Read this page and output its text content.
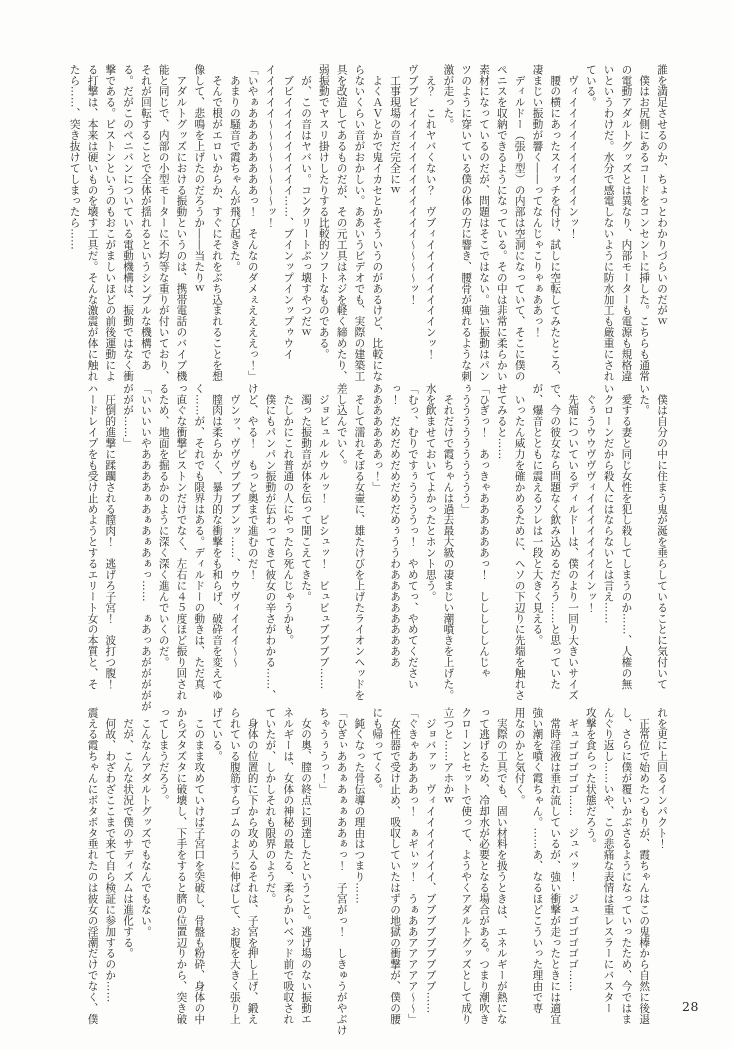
誰を満足させるのか、ちょっとわかりづらいのだがｗ

　僕はお尻側にあるコードをコンセントに挿した。こちらも通常

の電動アダルトグッズとは異なり、内部モーターも電源も規格違

いというわけだ。水分で感電しないように防水加工も厳重にされ

ている。

　ヴィイイイイイイイイイインッ！

　腰の横にあったスイッチを付け、試しに空転してみたところ、

凄まじい振動が響く――ってなんじゃこりゃぁああっ！

　ディルドー（張り型）の内部は空洞になっていて、そこに僕の

ペニスを収納できるようになっている。その中は非常に柔らかい

素材になっているのだが、問題はそこではない。強い振動はパン

ツのように穿いている僕の体の方に響き、腰骨が痺れるような刺

激が走った。

　え？　これヤバくない？　ヴブィイイイイイイイインッ！

ヴブブビイイイイイイイイイイイイ～～～～ッ！

　工事現場の音だ完全にｗ

　よくＡＶとかで鬼イカセとかそういうのがあるけど、比較にな

らないくらい音がおかしい。ああいうビデオでも、実際の建築工

具を改造してあるものだが、その元工具はネジを軽く締めたり、

弱振動でヤスリ掛けしたりする比較的ソフトなものである。

　が、この音はヤバい。コンクリートぶっ壊すやつだｗ

　ブビイイイイイイイイイ……、ブインップインップゥウイ

イイイイイ～～～～～～～～ッ！

「いやぁああああああああっ！　そんなのダメぇええええっ！」

　あまりの騒音で霞ちゃんが飛び起きた。

　そんで根がエロいからか、すぐにそれをぶち込まれることを想

像して、悲鳴を上げたのだろうか――当たりｗ

　アダルトグッズにおける振動というのは、携帯電話のバイブ機

能と同じで、内部の小型モーターに不均等な重りが付いており、

それが回転することで全体が揺れるというシンプルな機構であ

る。だがこのペニバンについている電動機構は、振動ではなく衝

撃である。ピストンというのもおこがましいほどの前後運動によ

る打撃は、本来は硬いものを壊す工具だ。そんな激震が体に触れ

たら……、突き抜けてしまったら……

　僕は自分の中に住まう鬼が涎を垂らしていることに気付いて

いた。

　愛する妻と同じ女性を犯し殺してしまうのか……、人権の無

いクローンだから殺人にはならないとは言え……

　ぐぅうウウヴヴヴィイイイイイイイインッ！

　先端についているディルドーは、僕のより一回り大きいサイズ

で、今の彼女なら問題なく飲み込めるだろう……と思っていた

が、爆音とともに震えるソレは一段と大きく見える。

　いったん威力を確かめるために、ヘソの下辺りに先端を触れさ

せてみると……

「ひぎっ！　あっきゃああああああっ！　しししししんじゃ

ぅうううううううううう」

　それだけで霞ちゃんは過去最大級の凄まじい潮噴きを上げた。

水を飲ませておいてよかったとホント思う。

「むっ、むりですぅううううっ！　やめてっ、やめてください

っ！　だめだめだめだめだめぅううわあああああああああ

あああああああっ！」

　そして濡れそぼる女壷に、雄たけびを上げたライオンヘッドを

差し込んでいく。

　ジョビュルルウルッ！　ビシュッ！　ビュビュブブブブ……

　濁った振動音が体を伝って聞こえてきた。

　たしかにこれ普通の人にやったら死んじゃうかも。

　僕にもパンパン振動が伝わってきて彼女の辛さがわかる……、

けど、やる！　もっと奥まで進むのだ！

　ヴンッ、ヴヴヴブブブブンッ……、ウウヴィイイイ～～

　膣肉は柔らかく、暴力的な衝撃をも和らげ、破砕音を変えてゆ

く……が、それでも限界はある。ディルドーの動きは、ただ真

っ直ぐな衝撃ピストンだけでなく、左右に４５度ほど振り回され

るため、地面を掘るかのように深く深く進んでいくのだ。

「いいいいやああああぁあぁあぁあぁっ……　ぁあっあががががが

ががが……」

　圧倒的進撃に蹂躙される膣肉！　逃げろ子宮！　波打つ腹！

ハードレイプをも受け止めようとするエリート女の本質と、そ

れを更に上回るインパクト！

　正常位で始めたつもりが、霞ちゃんはこの鬼棒から自然に後退

し、さらに僕が覆いかぶさるようになっていったため、今ではま

んぐり返し……いや、この悲痛な表情は重レスラーにバスター

攻撃を食らった状態だろう。

　ギュゴゴゴゴゴ……　ジュバッ！　ジュゴゴゴゴゴ……

　常時淫液は垂れ流しているが、強い衝撃が走ったときには適宜

強い潮を噴く霞ちゃん。……あ、なるほどこういった理由で専

用なのかと気付く。

　実際の工具でも、固い材料を扱うときは、エネルギーが熱にな

って逃げるため、冷却水が必要となる場合がある。つまり潮吹き

クローンとセットで使って、ようやくアダルトグッズとして成り

立つと……アホかｗ

　ジョバァッ　ヴィイイイイイイイ、ブブブブブブブブブ……

「ぐきゃああああっ！　ぁギぃッ！　うぁああアアアアア～～」

　女性器で受け止め、吸収していたはずの地獄の衝撃が、僕の腰

にも帰ってくる。

　鈍くなった骨伝導の理由はつまり……

「ひぎぃああぁあぁぁああぁっ！　子宮がっ！　しきゅうがやぶけ

ちゃうぅうっ！」

　女の奥、膣の終点に到達したということ。逃げ場のない振動エ

ネルギーは、女体の神秘の最たる、柔らかいベッド前で吸収され

ていたが、しかしそれも限界のようだ。

　身体の位置的に下から攻め入るそれは、子宮を押し上げ、鍛え

られている腹筋すらゴムのように伸ばして、お腹を大きく張り上

げている。

　このまま攻めていけば子宮口を突破し、骨盤も粉砕、身体の中

からズタズタに破壊し、下手をすると臍の位置辺りから、突き破

ってしまうだろう。

　こんなんアダルトグッズでもなんでもない。

　だが、こんな状況で僕のサディズムは進化する。

　何故、わざわざここまで来て自ら検証に参加するのか……

震える霞ちゃんにボタボタ垂れたのは彼女の淫潮だけでなく、僕	28
